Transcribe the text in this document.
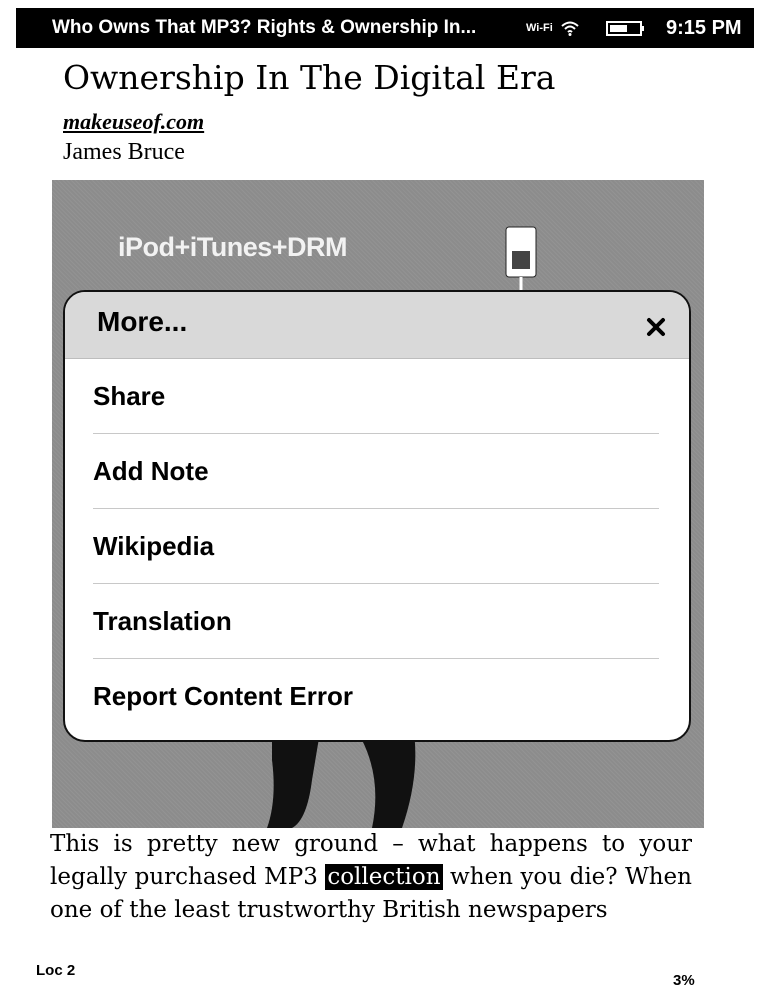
Who Owns That MP3? Rights & Ownership In...	Wi-Fi	9:15 PM
Ownership In The Digital Era
makeuseof.com
James Bruce
iPod+iTunes+DRM
More...
Share
Add Note
Wikipedia
Translation
Report Content Error

This is pretty new ground – what happens to your legally purchased MP3 collection when you die? When one of the least trustworthy British newspapers

Loc 2
3%
